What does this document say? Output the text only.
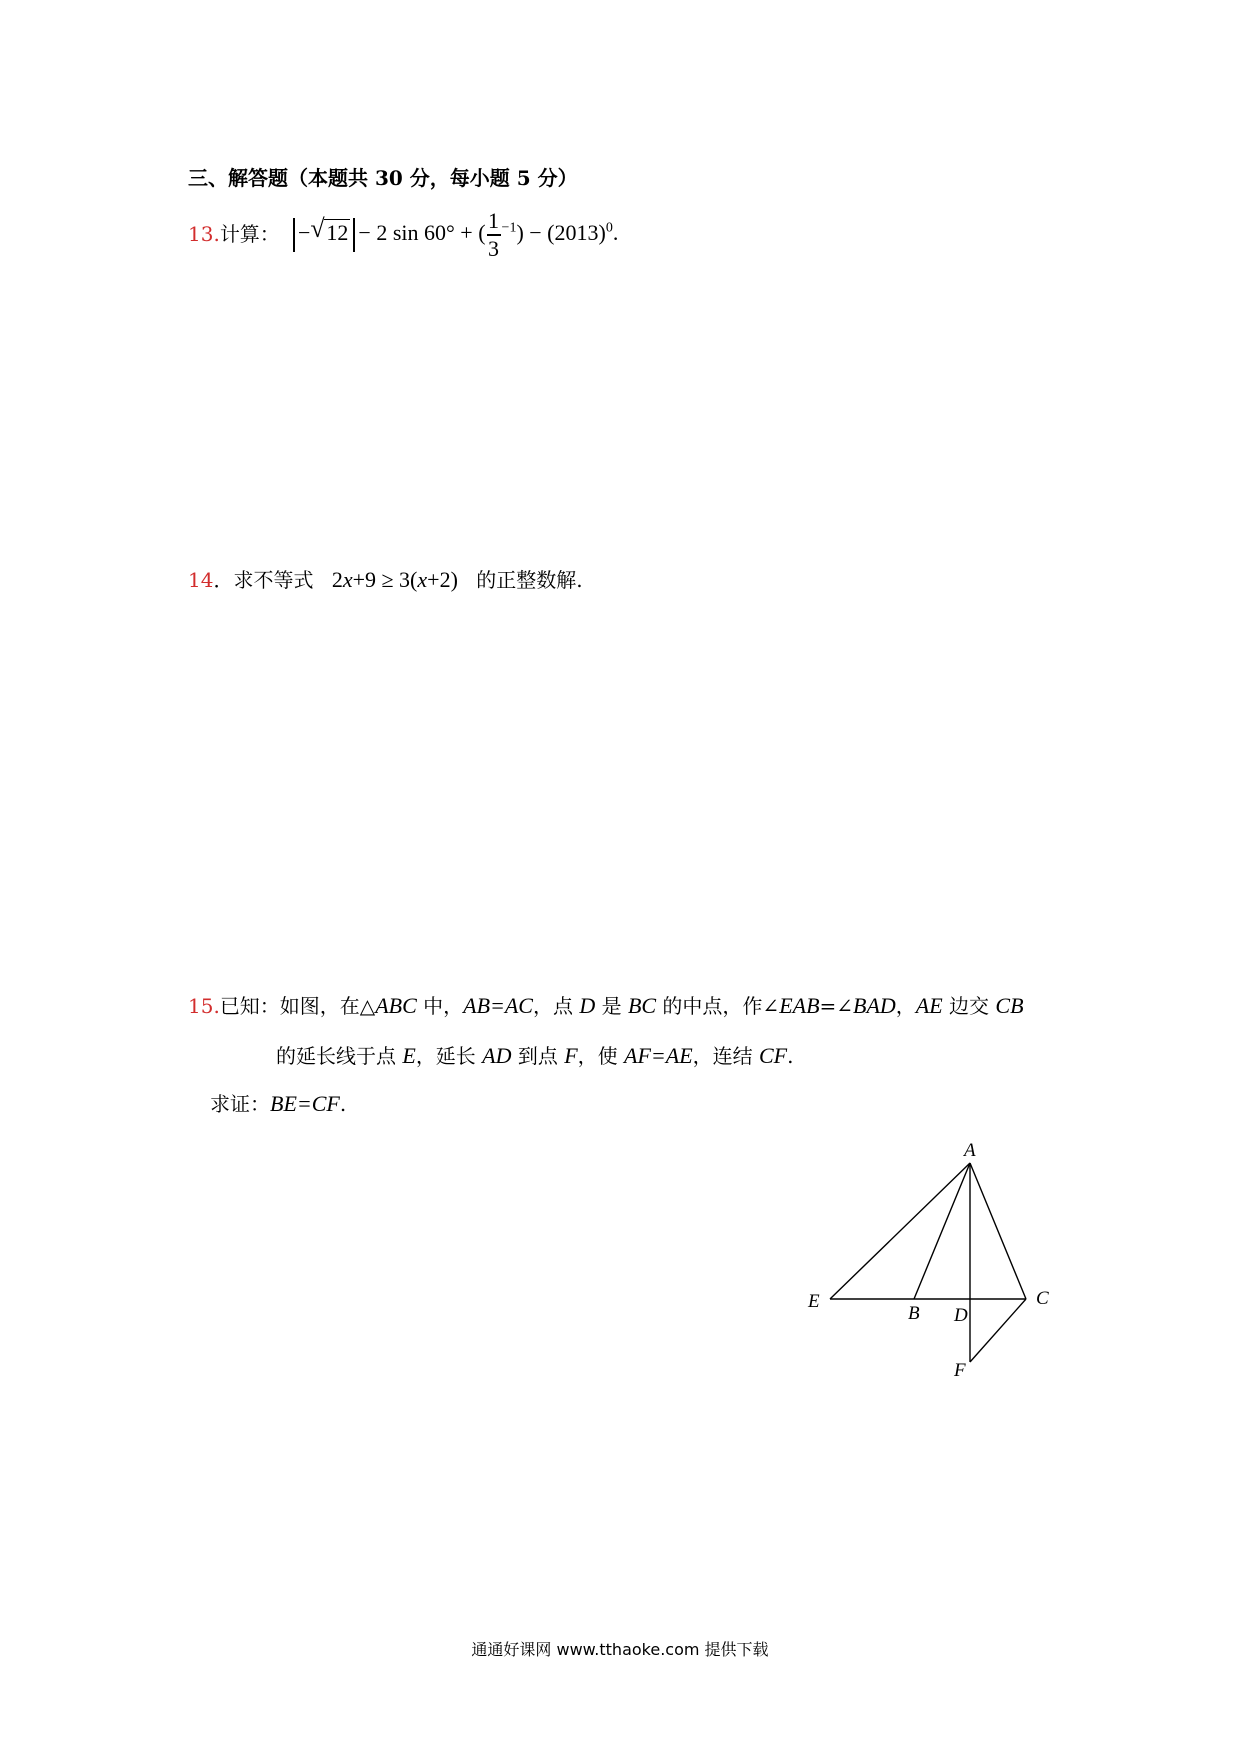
三、解答题（本题共 30 分，每小题 5 分）
13.计算： − √ 12 − 2 sin 60° + ( $\frac{1}{3} ^{-1}) - (2013)^0$.
14．求不等式 2x+9 ≥ 3(x+2) 的正整数解.
15.已知：如图，在△ABC 中，AB=AC，点 D 是 BC 的中点，作∠EAB=∠BAD，AE 边交 CB
的延长线于点 E，延长 AD 到点 F，使 AF=AE，连结 CF.
求证：BE=CF.
A
E
B D
C
F
通通好课网 www.tthaoke.com 提供下载
